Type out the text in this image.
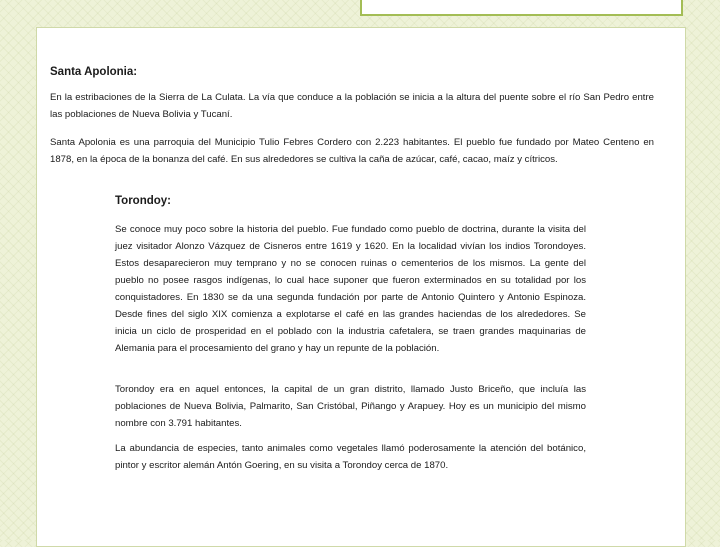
Santa Apolonia:

En la estribaciones de la Sierra de La Culata. La vía que conduce a la población se inicia a la altura del puente sobre el río San Pedro entre las poblaciones de Nueva Bolivia y Tucaní.

Santa Apolonia es una parroquia del Municipio Tulio Febres Cordero con 2.223 habitantes. El pueblo fue fundado por Mateo Centeno en 1878, en la época de la bonanza del café. En sus alrededores se cultiva la caña de azúcar, café, cacao, maíz y cítricos.

Torondoy:

Se conoce muy poco sobre la historia del pueblo. Fue fundado como pueblo de doctrina, durante la visita del juez visitador Alonzo Vázquez de Cisneros entre 1619 y 1620. En la localidad vivían los indios Torondoyes. Estos desaparecieron muy temprano y no se conocen ruinas o cementerios de los mismos. La gente del pueblo no posee rasgos indígenas, lo cual hace suponer que fueron exterminados en su totalidad por los conquistadores. En 1830 se da una segunda fundación por parte de Antonio Quintero y Antonio Espinoza. Desde fines del siglo XIX comienza a explotarse el café en las grandes haciendas de los alrededores. Se inicia un ciclo de prosperidad en el poblado con la industria cafetalera, se traen grandes maquinarias de Alemania para el procesamiento del grano y hay un repunte de la población.

Torondoy era en aquel entonces, la capital de un gran distrito, llamado Justo Briceño, que incluía las poblaciones de Nueva Bolivia, Palmarito, San Cristóbal, Piñango y Arapuey. Hoy es un municipio del mismo nombre con 3.791 habitantes.

La abundancia de especies, tanto animales como vegetales llamó poderosamente la atención del botánico, pintor y escritor alemán Antón Goering, en su visita a Torondoy cerca de 1870.
